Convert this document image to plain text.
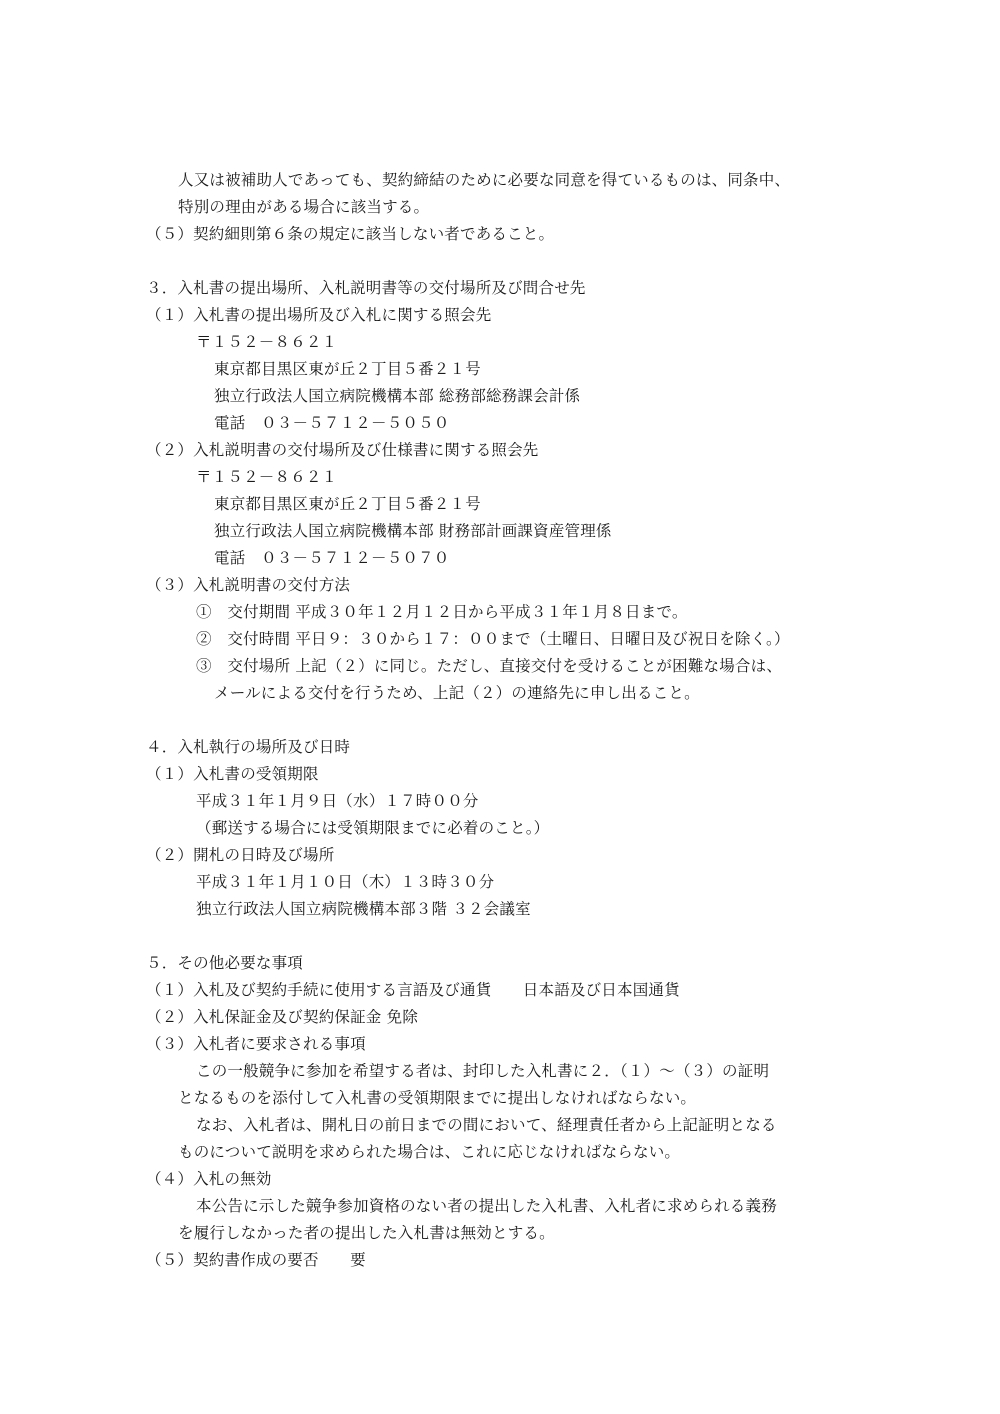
人又は被補助人であっても、契約締結のために必要な同意を得ているものは、同条中、
特別の理由がある場合に該当する。
（５）契約細則第６条の規定に該当しない者であること。
３．入札書の提出場所、入札説明書等の交付場所及び問合せ先
（１）入札書の提出場所及び入札に関する照会先
〒１５２－８６２１
東京都目黒区東が丘２丁目５番２１号
独立行政法人国立病院機構本部 総務部総務課会計係
電話　０３－５７１２－５０５０
（２）入札説明書の交付場所及び仕様書に関する照会先
〒１５２－８６２１
東京都目黒区東が丘２丁目５番２１号
独立行政法人国立病院機構本部 財務部計画課資産管理係
電話　０３－５７１２－５０７０
（３）入札説明書の交付方法
①　交付期間 平成３０年１２月１２日から平成３１年１月８日まで。
②　交付時間 平日９：３０から１７：００まで（土曜日、日曜日及び祝日を除く。）
③　交付場所 上記（２）に同じ。ただし、直接交付を受けることが困難な場合は、
メールによる交付を行うため、上記（２）の連絡先に申し出ること。
４．入札執行の場所及び日時
（１）入札書の受領期限
平成３１年１月９日（水）１７時００分
（郵送する場合には受領期限までに必着のこと。）
（２）開札の日時及び場所
平成３１年１月１０日（木）１３時３０分
独立行政法人国立病院機構本部３階 ３２会議室
５．その他必要な事項
（１）入札及び契約手続に使用する言語及び通貨　　日本語及び日本国通貨
（２）入札保証金及び契約保証金 免除
（３）入札者に要求される事項
この一般競争に参加を希望する者は、封印した入札書に２．（１）～（３）の証明
となるものを添付して入札書の受領期限までに提出しなければならない。
なお、入札者は、開札日の前日までの間において、経理責任者から上記証明となる
ものについて説明を求められた場合は、これに応じなければならない。
（４）入札の無効
本公告に示した競争参加資格のない者の提出した入札書、入札者に求められる義務
を履行しなかった者の提出した入札書は無効とする。
（５）契約書作成の要否　　要
